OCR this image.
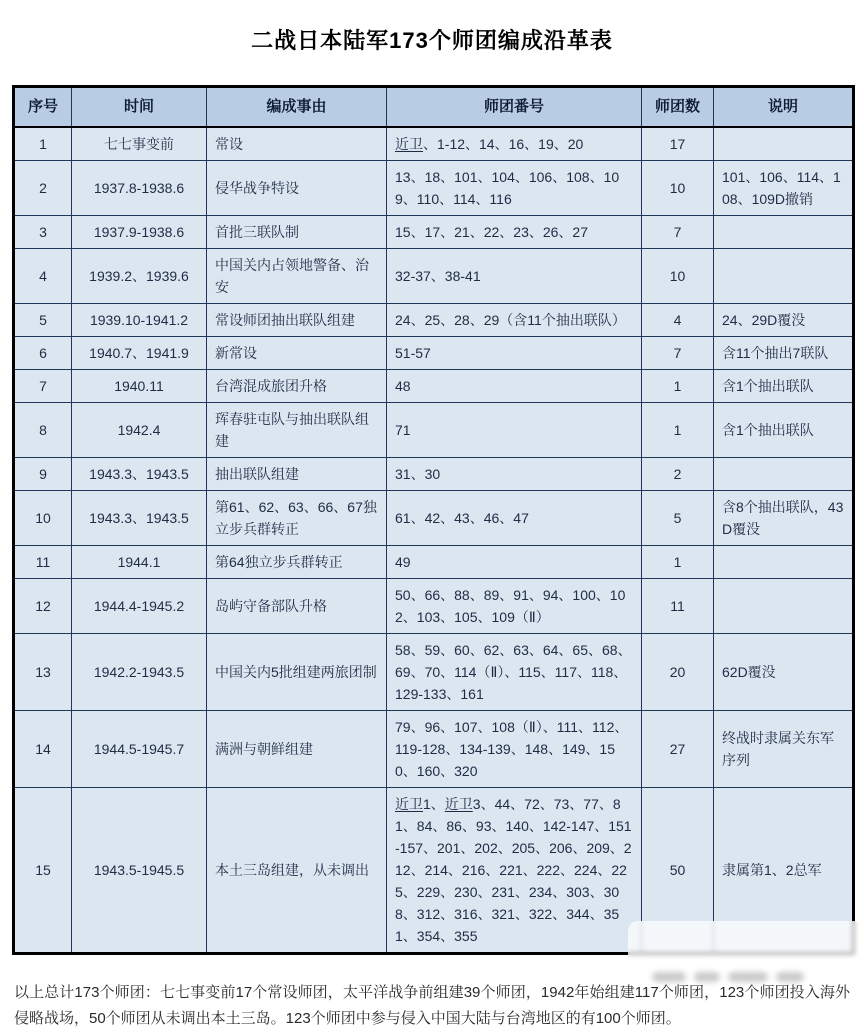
二战日本陆军173个师团编成沿革表
序号	时间	编成事由	师团番号	师团数	说明
1	七七事变前	常设	近卫、1-12、14、16、19、20	17	
2	1937.8-1938.6	侵华战争特设	13、18、101、104、106、108、109、110、114、116	10	101、106、114、108、109D撤销
3	1937.9-1938.6	首批三联队制	15、17、21、22、23、26、27	7	
4	1939.2、1939.6	中国关内占领地警备、治安	32-37、38-41	10	
5	1939.10-1941.2	常设师团抽出联队组建	24、25、28、29（含11个抽出联队）	4	24、29D覆没
6	1940.7、1941.9	新常设	51-57	7	含11个抽出7联队
7	1940.11	台湾混成旅团升格	48	1	含1个抽出联队
8	1942.4	珲春驻屯队与抽出联队组建	71	1	含1个抽出联队
9	1943.3、1943.5	抽出联队组建	31、30	2	
10	1943.3、1943.5	第61、62、63、66、67独立步兵群转正	61、42、43、46、47	5	含8个抽出联队，43D覆没
11	1944.1	第64独立步兵群转正	49	1	
12	1944.4-1945.2	岛屿守备部队升格	50、66、88、89、91、94、100、102、103、105、109（Ⅱ）	11	
13	1942.2-1943.5	中国关内5批组建两旅团制	58、59、60、62、63、64、65、68、69、70、114（Ⅱ）、115、117、118、129-133、161	20	62D覆没
14	1944.5-1945.7	满洲与朝鲜组建	79、96、107、108（Ⅱ）、111、112、119-128、134-139、148、149、150、160、320	27	终战时隶属关东军序列
15	1943.5-1945.5	本土三岛组建，从未调出	近卫1、近卫3、44、72、73、77、81、84、86、93、140、142-147、151-157、201、202、205、206、209、212、214、216、221、222、224、225、229、230、231、234、303、308、312、316、321、322、344、351、354、355	50	隶属第1、2总军

以上总计173个师团：七七事变前17个常设师团，太平洋战争前组建39个师团，1942年始组建117个师团，123个师团投入海外侵略战场，50个师团从未调出本土三岛。123个师团中参与侵入中国大陆与台湾地区的有100个师团。
